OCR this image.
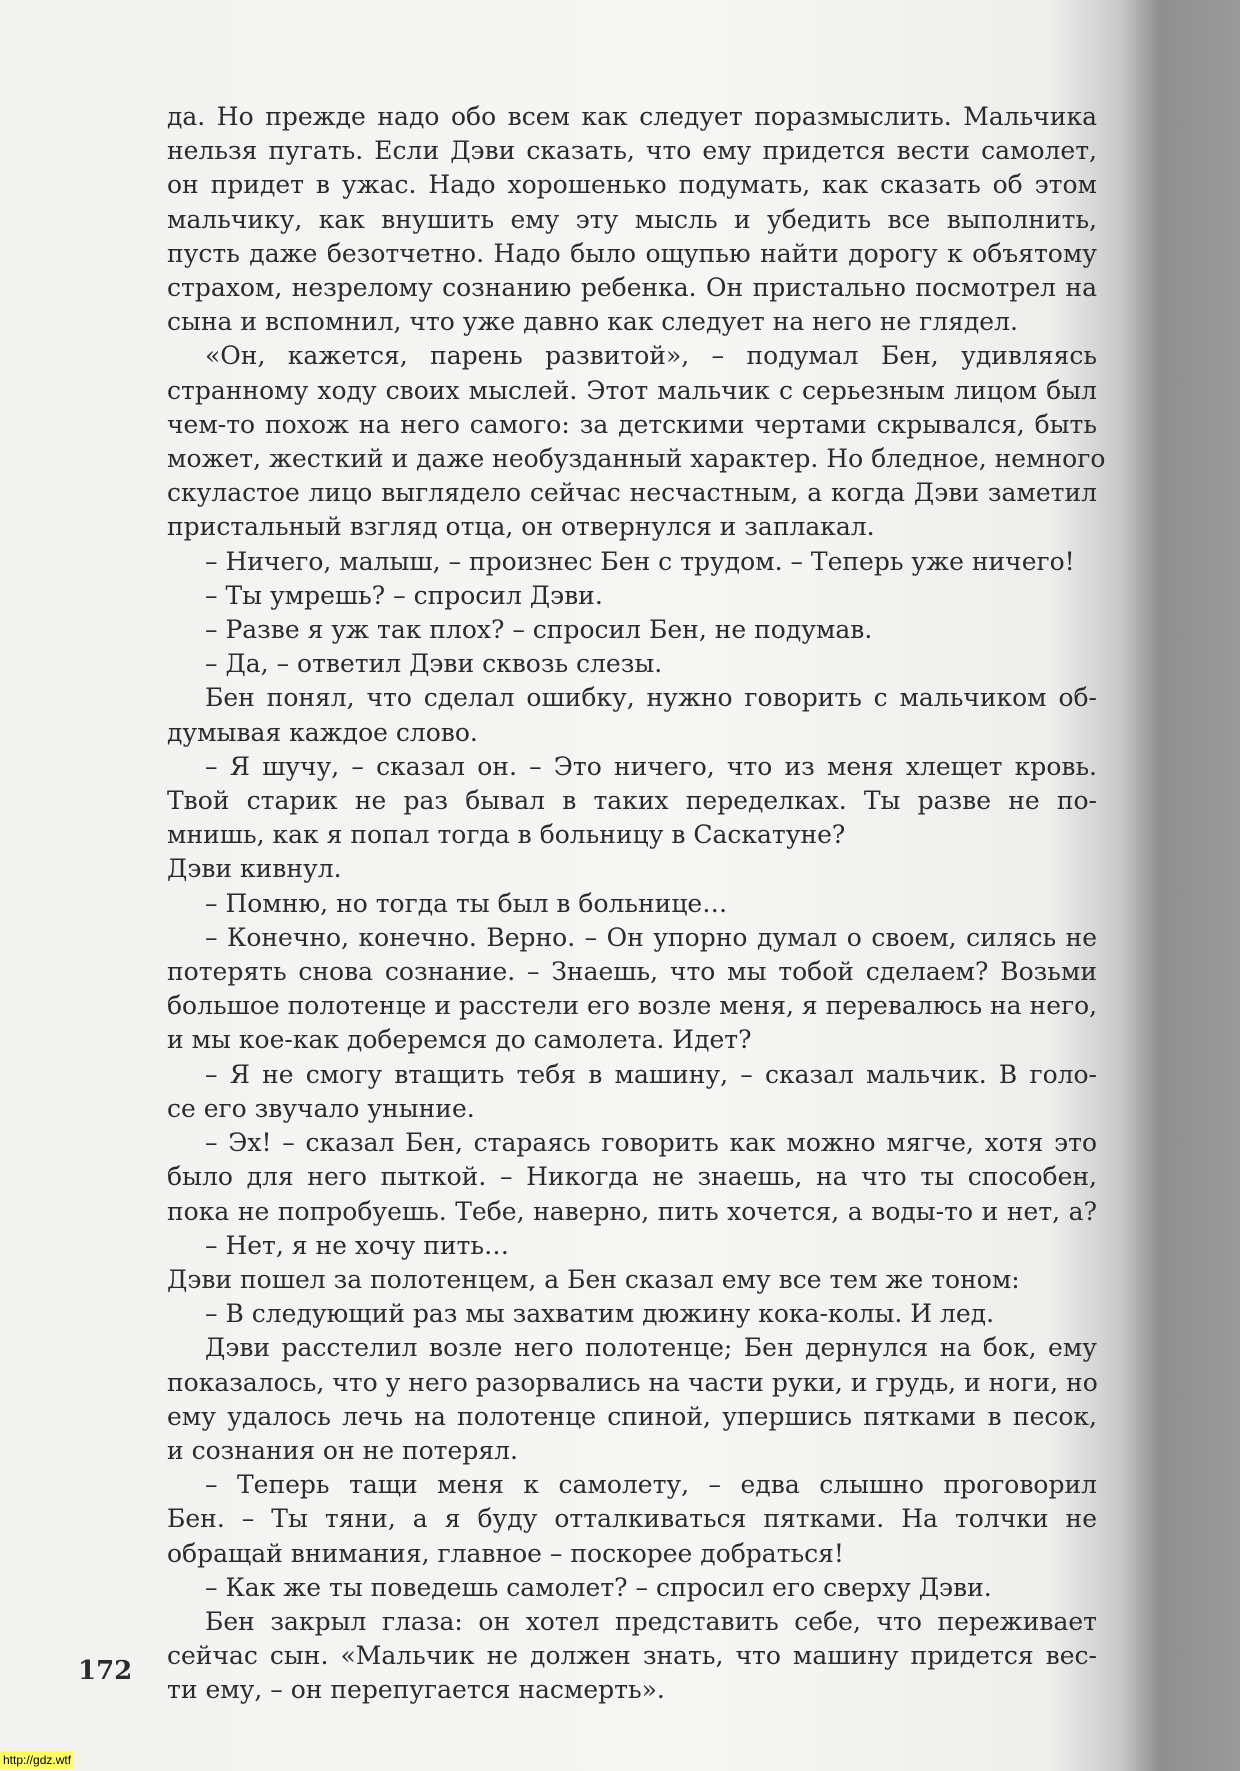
да. Но прежде надо обо всем как следует поразмыслить. Мальчика
нельзя пугать. Если Дэви сказать, что ему придется вести самолет,
он придет в ужас. Надо хорошенько подумать, как сказать об этом
мальчику, как внушить ему эту мысль и убедить все выполнить,
пусть даже безотчетно. Надо было ощупью найти дорогу к объятому
страхом, незрелому сознанию ребенка. Он пристально посмотрел на
сына и вспомнил, что уже давно как следует на него не глядел.
«Он, кажется, парень развитой», – подумал Бен, удивляясь
странному ходу своих мыслей. Этот мальчик с серьезным лицом был
чем-то похож на него самого: за детскими чертами скрывался, быть
может, жесткий и даже необузданный характер. Но бледное, немного
скуластое лицо выглядело сейчас несчастным, а когда Дэви заметил
пристальный взгляд отца, он отвернулся и заплакал.
– Ничего, малыш, – произнес Бен с трудом. – Теперь уже ничего!
– Ты умрешь? – спросил Дэви.
– Разве я уж так плох? – спросил Бен, не подумав.
– Да, – ответил Дэви сквозь слезы.
Бен понял, что сделал ошибку, нужно говорить с мальчиком об-
думывая каждое слово.
– Я шучу, – сказал он. – Это ничего, что из меня хлещет кровь.
Твой старик не раз бывал в таких переделках. Ты разве не по-
мнишь, как я попал тогда в больницу в Саскатуне?
Дэви кивнул.
– Помню, но тогда ты был в больнице…
– Конечно, конечно. Верно. – Он упорно думал о своем, силясь не
потерять снова сознание. – Знаешь, что мы тобой сделаем? Возьми
большое полотенце и расстели его возле меня, я перевалюсь на него,
и мы кое-как доберемся до самолета. Идет?
– Я не смогу втащить тебя в машину, – сказал мальчик. В голо-
се его звучало уныние.
– Эх! – сказал Бен, стараясь говорить как можно мягче, хотя это
было для него пыткой. – Никогда не знаешь, на что ты способен,
пока не попробуешь. Тебе, наверно, пить хочется, а воды-то и нет, а?
– Нет, я не хочу пить…
Дэви пошел за полотенцем, а Бен сказал ему все тем же тоном:
– В следующий раз мы захватим дюжину кока-колы. И лед.
Дэви расстелил возле него полотенце; Бен дернулся на бок, ему
показалось, что у него разорвались на части руки, и грудь, и ноги, но
ему удалось лечь на полотенце спиной, упершись пятками в песок,
и сознания он не потерял.
– Теперь тащи меня к самолету, – едва слышно проговорил
Бен. – Ты тяни, а я буду отталкиваться пятками. На толчки не
обращай внимания, главное – поскорее добраться!
– Как же ты поведешь самолет? – спросил его сверху Дэви.
Бен закрыл глаза: он хотел представить себе, что переживает
сейчас сын. «Мальчик не должен знать, что машину придется вес-
ти ему, – он перепугается насмерть».
172
http://gdz.wtf
